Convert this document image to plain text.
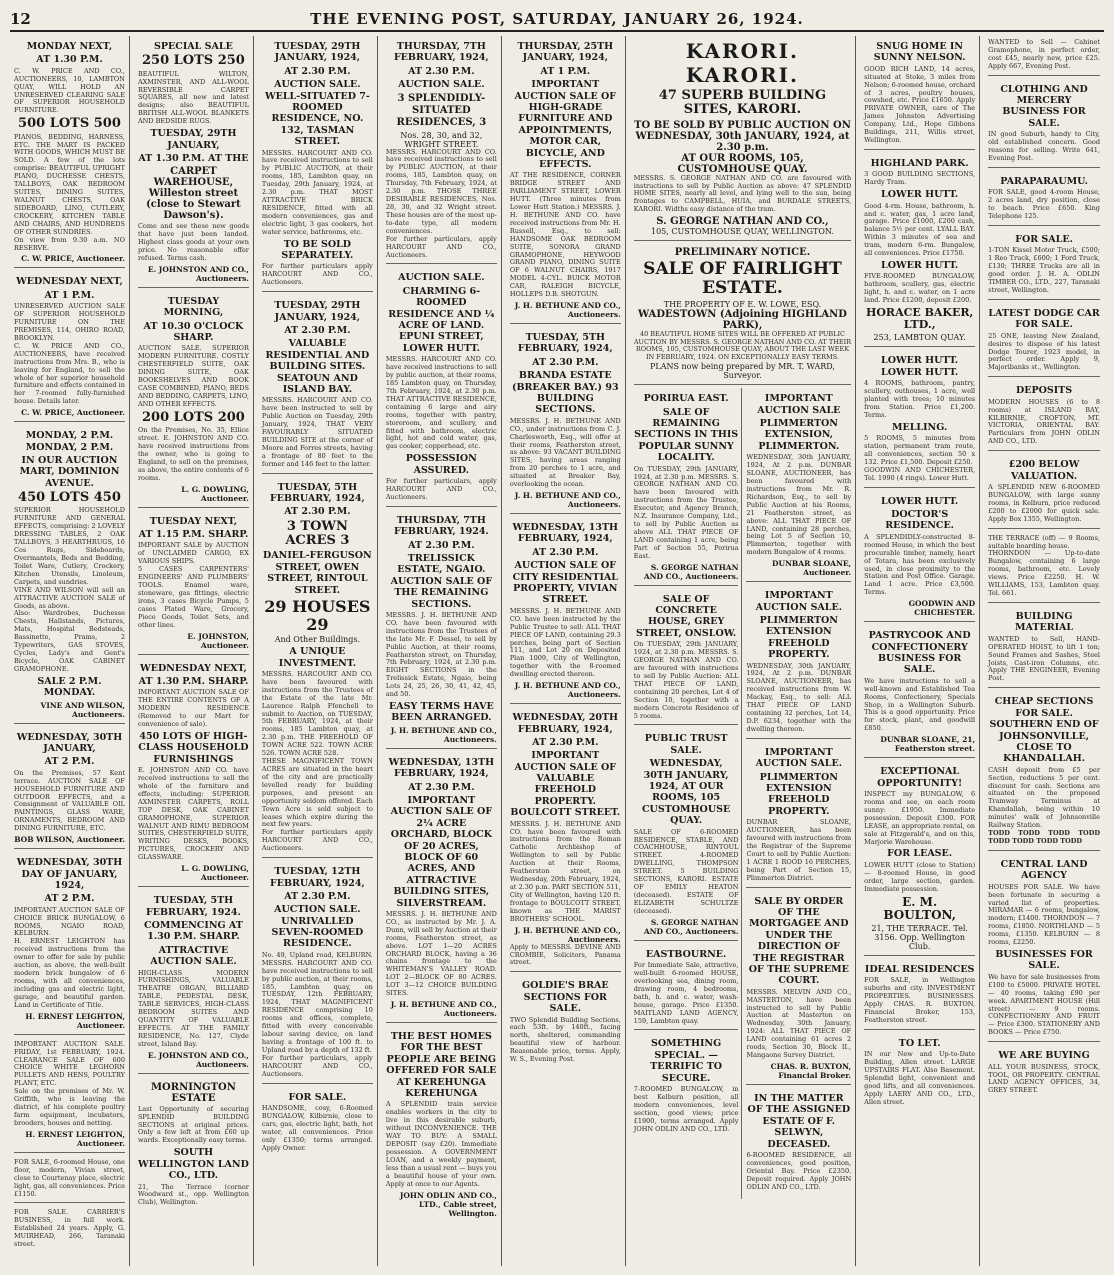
12	THE EVENING POST, SATURDAY, JANUARY 26, 1924.
MONDAY NEXT,
AT 1.30 P.M.
C. W. PRICE AND CO., AUCTIONEERS, 10, LAMBTON QUAY, WILL HOLD AN UNRESERVED CLEARING SALE OF SUPERIOR HOUSEHOLD FURNITURE.
500 LOTS 500
PIANOS, BEDDING, HARNESS, ETC. THE MART IS PACKED WITH GOODS, WHICH MUST BE SOLD. A few of the lots comprise: BEAUTIFUL UPRIGHT PIANO, DUCHESSE CHESTS, TALLBOYS, OAK BEDROOM SUITES, DINING SUITES, WALNUT CHESTS, OAK SIDEBOARD, LINO, CUTLERY, CROCKERY, KITCHEN TABLE AND CHAIRS, AND HUNDREDS OF OTHER SUNDRIES.
On view from 9.30 a.m. NO RESERVE.
C. W. PRICE, Auctioneer.
WEDNESDAY NEXT,
AT 1 P.M.
UNRESERVED AUCTION SALE OF SUPERIOR HOUSEHOLD FURNITURE ON THE PREMISES, 114, OHIRO ROAD, BROOKLYN.
C. W. PRICE AND CO., AUCTIONEERS, have received instructions from Mrs. B., who is leaving for England, to sell the whole of her superior household furniture and effects contained in her 7-roomed fully-furnished house. Details later.
C. W. PRICE, Auctioneer.
MONDAY, 2 P.M. MONDAY, 2 P.M.
IN OUR AUCTION MART, DOMINION AVENUE.
450 LOTS 450
SUPERIOR HOUSEHOLD FURNITURE AND GENERAL EFFECTS, comprising: 2 LOVELY DRESSING TABLES, 2 OAK TALLBOYS, 3 HEARTHRUGS, 16 Cos Rugs, Sideboards, Overmantels, Beds and Bedding, Toilet Ware, Cutlery, Crockery, Kitchen Utensils, Linoleum, Carpets, and sundries.
VINE AND WILSON will sell an ATTRACTIVE AUCTION SALE of Goods, as above.
Also: Wardrobes, Duchesse Chests, Hallstands, Pictures, Mats, Hospital Bedsteads, Bassinette, Prams, 2 Typewriters, GAS STOVES, Cycles, Lady's and Gent's Bicycle, OAK CABINET GRAMOPHONE.
SALE 2 P.M. MONDAY.
VINE AND WILSON, Auctioneers.
WEDNESDAY, 30TH JANUARY,
AT 2 P.M.
On the Premises, 57 Kent terrace. AUCTION SALE OF HOUSEHOLD FURNITURE AND OUTDOOR EFFECTS, and a Consignment of VALUABLE OIL PAINTINGS, GLASS WARE, ORNAMENTS, BEDROOM AND DINING FURNITURE, ETC.
BOB WILSON, Auctioneer.
WEDNESDAY, 30TH DAY OF JANUARY, 1924,
AT 2 P.M.
IMPORTANT AUCTION SALE OF CHOICE BRICK BUNGALOW, 6 ROOMS, NGAIO ROAD, KELBURN.
H. ERNEST LEIGHTON has received instructions from the owner to offer for sale by public auction, as above, the well-built modern brick bungalow of 6 rooms, with all conveniences, including gas and electric light, garage, and beautiful garden. Land in Certificate of Title.
H. ERNEST LEIGHTON, Auctioneer.
IMPORTANT AUCTION SALE. FRIDAY, 1st FEBRUARY, 1924. CLEARANCE SALE OF 600 CHOICE WHITE LEGHORN PULLETS AND HENS, POULTRY PLANT, ETC.
Sale on the premises of Mr. W. Griffith, who is leaving the district, of his complete poultry farm equipment, incubators, brooders, houses and netting.
H. ERNEST LEIGHTON, Auctioneer.
FOR SALE, 6-roomed House, one floor, modern, Vivian street, close to Courtenay place, electric light, gas, all conveniences. Price £1150.
FOR SALE. CARRIER'S BUSINESS, in full work. Established 24 years. Apply, G. MUIRHEAD, 266, Taranaki street.
SPECIAL SALE
250 LOTS 250
BEAUTIFUL WILTON, AXMINSTER, AND ALL-WOOL REVERSIBLE CARPET SQUARES, all new and latest designs; also BEAUTIFUL BRITISH ALL-WOOL BLANKETS AND BEDSIDE RUGS.
TUESDAY, 29TH JANUARY,
AT 1.30 P.M. AT THE
CARPET WAREHOUSE, Willeston street (close to Stewart Dawson's).
Come and see these new goods that have just been landed. Highest class goods at your own price. No reasonable offer refused. Terms cash.
E. JOHNSTON AND CO., Auctioneers.
TUESDAY MORNING,
AT 10.30 O'CLOCK SHARP.
AUCTION SALE. SUPERIOR MODERN FURNITURE. COSTLY CHESTERFIELD SUITE, OAK DINING SUITE, OAK BOOKSHELVES AND BOOK CASE COMBINED, PIANO, BEDS AND BEDDING, CARPETS, LINO, AND OTHER EFFECTS.
200 LOTS 200
On the Premises, No. 35, Ellice street. E. JOHNSTON AND CO. have received instructions from the owner, who is going to England, to sell on the premises, as above, the entire contents of 6 rooms.
L. G. DOWLING, Auctioneer.
TUESDAY NEXT,
AT 1.15 P.M. SHARP.
IMPORTANT SALE by AUCTION of UNCLAIMED CARGO, EX VARIOUS SHIPS.
5 CASES CARPENTERS' ENGINEERS' AND PLUMBERS' TOOLS. Enamel ware, stoneware, gas fittings, electric irons, 3 cases Bicycle Pumps, 5 cases Plated Ware, Grocery, Piece Goods, Toilet Sets, and other lines.
E. JOHNSTON, Auctioneer.
WEDNESDAY NEXT,
AT 1.30 P.M. SHARP.
IMPORTANT AUCTION SALE OF THE ENTIRE CONTENTS OF A MODERN RESIDENCE (Removed to our Mart for convenience of sale).
450 LOTS OF HIGH-CLASS HOUSEHOLD FURNISHINGS
E. JOHNSTON AND CO. have received instructions to sell the whole of the furniture and effects, including: SUPERIOR AXMINSTER CARPETS, ROLL TOP DESK, OAK CABINET GRAMOPHONE, SUPERIOR WALNUT AND RIMU BEDROOM SUITES, CHESTERFIELD SUITE, WRITING DESKS, BOOKS, PICTURES, CROCKERY AND GLASSWARE.
L. G. DOWLING, Auctioneer.
TUESDAY, 5TH FEBRUARY, 1924.
COMMENCING AT 1.30 P.M. SHARP.
ATTRACTIVE AUCTION SALE.
HIGH-CLASS MODERN FURNISHINGS, VALUABLE THEATRE ORGAN, BILLIARD TABLE, PEDESTAL DESK, TABLE SERVICES, HIGH-CLASS BEDROOM SUITES AND QUANTITY OF VALUABLE EFFECTS. AT THE FAMILY RESIDENCE, No. 127, Clyde street, Island Bay.
E. JOHNSTON AND CO., Auctioneers.
MORNINGTON ESTATE
Last Opportunity of securing SPLENDID BUILDING SECTIONS at original prices. Only a few left at from £60 up wards. Exceptionally easy terms.
SOUTH WELLINGTON LAND CO., LTD.
21, The Terrace (corner Woodward st., opp. Wellington Club), Wellington.
TUESDAY, 29TH JANUARY, 1924,
AT 2.30 P.M.
AUCTION SALE. WELL-SITUATED 7-ROOMED RESIDENCE, NO. 132, TASMAN STREET.
MESSRS. HARCOURT AND CO. have received instructions to sell by PUBLIC AUCTION, at their rooms, 185, Lambton quay, on Tuesday, 29th January, 1924, at 2.30 p.m. THAT MOST ATTRACTIVE BRICK RESIDENCE, fitted with all modern conveniences, gas and electric light, 3 gas cookers, hot water service, bathrooms, etc.
TO BE SOLD SEPARATELY.
For further particulars apply HARCOURT AND CO., Auctioneers.
TUESDAY, 29TH JANUARY, 1924,
AT 2.30 P.M.
VALUABLE RESIDENTIAL AND BUILDING SITES. SEATOUN AND ISLAND BAY.
MESSRS. HARCOURT AND CO. have been instructed to sell by Public Auction on Tuesday, 29th January, 1924, THAT VERY FAVOURABLY SITUATED BUILDING SITE at the corner of Moore and Forres streets, having a frontage of 80 feet to the former and 146 feet to the latter.
TUESDAY, 5TH FEBRUARY, 1924,
AT 2.30 P.M.
3 TOWN ACRES 3
DANIEL-FERGUSON STREET, OWEN STREET, RINTOUL STREET.
29 HOUSES 29
And Other Buildings.
A UNIQUE INVESTMENT.
MESSRS. HARCOURT AND CO. have been favoured with instructions from the Trustees of the Estate of the late Mr. Laurence Ralph Ffenchell to submit to Auction, on TUESDAY, 5th FEBRUARY, 1924, at their rooms, 185 Lambton quay, at 2.30 p.m. THE FREEHOLD OF TOWN ACRE 522. TOWN ACRE 526. TOWN ACRE 528.
THESE MAGNIFICENT TOWN ACRES are situated in the heart of the city and are practically levelled ready for building purposes, and present an opportunity seldom offered. Each Town Acre is sold subject to leases which expire during the next few years.
For further particulars apply HARCOURT AND CO., Auctioneers.
TUESDAY, 12TH FEBRUARY, 1924,
AT 2.30 P.M.
AUCTION SALE. UNRIVALLED SEVEN-ROOMED RESIDENCE.
No. 49, Upland road, KELBURN. MESSRS. HARCOURT AND CO. have received instructions to sell by public auction, at their rooms, 185, Lambton quay, on TUESDAY, 12th FEBRUARY, 1924, THAT MAGNIFICENT RESIDENCE comprising 10 rooms and offices, complete, fitted with every conceivable labour saving device, on land having a frontage of 100 ft. to Upland road by a depth of 132 ft.
For further particulars, apply HARCOURT AND CO., Auctioneers.
FOR SALE.
HANDSOME, cosy, 6-Roomed BUNGALOW, Kilbirnie, close to cars, gas, electric light, bath, hot water, all conveniences. Price only £1350; terms arranged. Apply Owner.
THURSDAY, 7TH FEBRUARY, 1924,
AT 2.30 P.M.
AUCTION SALE.
3 SPLENDIDLY-SITUATED RESIDENCES, 3
Nos. 28, 30, and 32, WRIGHT STREET.
MESSRS. HARCOURT AND CO. have received instructions to sell by PUBLIC AUCTION, at their rooms, 185, Lambton quay, on Thursday, 7th February, 1924, at 2.30 p.m. THOSE THREE DESIRABLE RESIDENCES, Nos. 28, 30, and 32 Wright street. These houses are of the most up-to-date type, all modern conveniences.
For further particulars, apply HARCOURT AND CO., Auctioneers.
AUCTION SALE.
CHARMING 6-ROOMED RESIDENCE AND ¼ ACRE OF LAND. EPUNI STREET, LOWER HUTT.
MESSRS. HARCOURT AND CO. have received instructions to sell by public auction, at their rooms, 185 Lambton quay, on Thursday, 7th February, 1924, at 2.30 p.m. THAT ATTRACTIVE RESIDENCE, containing 6 large and airy rooms, together with pantry, storeroom, and scullery, and fitted with bathroom, electric light, hot and cold water, gas, gas cooker, copperhead, etc.
POSSESSION ASSURED.
For further particulars, apply HARCOURT AND CO., Auctioneers.
THURSDAY, 7TH FEBRUARY, 1924.
AT 2.30 P.M.
TRELISSICK ESTATE, NGAIO. AUCTION SALE OF THE REMAINING SECTIONS.
MESSRS. J. H. BETHUNE AND CO. have been favoured with instructions from the Trustees of the late Mr. F. Dessel, to sell by Public Auction, at their rooms, Featherston street, on Thursday, 7th February, 1924, at 2.30 p.m. EIGHT SECTIONS in the Trelissick Estate, Ngaio, being Lots 24, 25, 26, 30, 41, 42, 45, and 50.
EASY TERMS HAVE BEEN ARRANGED.
J. H. BETHUNE AND CO., Auctioneers.
WEDNESDAY, 13TH FEBRUARY, 1924,
AT 2.30 P.M.
IMPORTANT AUCTION SALE OF 2¼ ACRE ORCHARD, BLOCK OF 20 ACRES, BLOCK OF 60 ACRES, AND ATTRACTIVE BUILDING SITES, SILVERSTREAM.
MESSRS. J. H. BETHUNE AND CO., as instructed by Mr. J. A. Dunn, will sell by Auction at their rooms, Featherston street, as above. LOT 1—20 ACRES ORCHARD BLOCK, having a 36 chains frontage to the WHITEMAN'S VALLEY ROAD. LOT 2—BLOCK OF 80 ACRES. LOT 3—12 CHOICE BUILDING SITES.
J. H. BETHUNE AND CO., Auctioneers.
THE BEST HOMES FOR THE BEST PEOPLE ARE BEING OFFERED FOR SALE AT KEREHUNGA KEREHUNGA
A SPLENDID train service enables workers in the city to live in this desirable suburb, without INCONVENIENCE. THE WAY TO BUY: A SMALL DEPOSIT (say £20). Immediate possession. A GOVERNMENT LOAN, and a weekly payment, less than a usual rent — buys you a beautiful house of your own. Apply at once to our Agents.
JOHN ODLIN AND CO., LTD., Cable street, Wellington.
THURSDAY, 25TH JANUARY, 1924,
AT 1 P.M.
IMPORTANT AUCTION SALE OF HIGH-GRADE FURNITURE AND APPOINTMENTS, MOTOR CAR, BICYCLE, AND EFFECTS.
AT THE RESIDENCE, CORNER BRIDGE STREET AND PARLIAMENT STREET, LOWER HUTT. (Three minutes from Lower Hutt Station.) MESSRS. J. H. BETHUNE AND CO. have received instructions from Mr. H. Russell, Esq., to sell: HANDSOME OAK BEDROOM SUITE, SONORA GRAND GRAMOPHONE, HEYWOOD GRAND PIANO, DINING SUITE OF 6 WALNUT CHAIRS, 1917 MODEL 4-CYL. BUICK MOTOR CAR, RALEIGH BICYCLE, HOLLEPS D.B. SHOTGUN.
J. H. BETHUNE AND CO., Auctioneers.
TUESDAY, 5TH FEBRUARY, 1924,
AT 2.30 P.M.
BRANDA ESTATE (BREAKER BAY.) 93 BUILDING SECTIONS.
MESSRS. J. H. BETHUNE AND CO., under instructions from C. J. Charlesworth, Esq., will offer at their rooms, Featherston street, as above: 93 VACANT BUILDING SITES, having areas ranging from 20 perches to 1 acre, and situated at Breaker Bay, overlooking the ocean.
J. H. BETHUNE AND CO., Auctioneers.
WEDNESDAY, 13TH FEBRUARY, 1924,
AT 2.30 P.M.
AUCTION SALE OF CITY RESIDENTIAL PROPERTY, VIVIAN STREET.
MESSRS. J. H. BETHUNE AND CO. have been instructed by the Public Trustee to sell: ALL THAT PIECE OF LAND, containing 29.3 perches, being part of Section 111, and Lot 20 on Deposited Plan 1009, City of Wellington, together with the 8-roomed dwelling erected thereon.
J. H. BETHUNE AND CO., Auctioneers.
WEDNESDAY, 20TH FEBRUARY, 1924,
AT 2.30 P.M.
IMPORTANT AUCTION SALE OF VALUABLE FREEHOLD PROPERTY. BOULCOTT STREET.
MESSRS. J. H. BETHUNE AND CO. have been favoured with instructions from the Roman Catholic Archbishop of Wellington to sell by Public Auction at their Rooms, Featherston street, on Wednesday, 20th February, 1924, at 2.30 p.m. PART SECTION 511, City of Wellington, having 120 ft. frontage to BOULCOTT STREET, known as THE MARIST BROTHERS' SCHOOL.
J. H. BETHUNE AND CO., Auctioneers.
Apply to MESSRS. DEVINE AND CROMBIE, Solicitors, Panama street.
GOLDIE'S BRAE SECTIONS FOR SALE.
TWO Splendid Building Sections, each 53ft. by 140ft., facing north, sheltered, commanding beautiful view of harbour. Reasonable price, terms. Apply, W. S., Evening Post.
KARORI. KARORI.
47 SUPERB BUILDING SITES, KARORI.
TO BE SOLD BY PUBLIC AUCTION ON WEDNESDAY, 30th JANUARY, 1924, at 2.30 p.m.
AT OUR ROOMS, 105, CUSTOMHOUSE QUAY.
MESSRS. S. GEORGE NATHAN AND CO. are favoured with instructions to sell by Public Auction as above: 47 SPLENDID HOME SITES, nearly all level, and lying well to the sun, being frontages to CAMPBELL, HUIA, and BURDALE STREETS, KARORI. Widths easy distance of the tram.
S. GEORGE NATHAN AND CO.,
105, CUSTOMHOUSE QUAY, WELLINGTON.
PRELIMINARY NOTICE.
SALE OF FAIRLIGHT ESTATE.
THE PROPERTY OF E. W. LOWE, ESQ.
WADESTOWN (Adjoining HIGHLAND PARK),
40 BEAUTIFUL HOME SITES WILL BE OFFERED AT PUBLIC AUCTION BY MESSRS. S. GEORGE NATHAN AND CO. AT THEIR ROOMS, 105, CUSTOMHOUSE QUAY, ABOUT THE LAST WEEK IN FEBRUARY, 1924. ON EXCEPTIONALLY EASY TERMS.
PLANS now being prepared by MR. T. WARD, Surveyor.
PORIRUA EAST.
SALE OF REMAINING SECTIONS IN THIS POPULAR SUNNY LOCALITY.
On TUESDAY, 29th JANUARY, 1924, at 2.30 p.m. MESSRS. S. GEORGE NATHAN AND CO. have been favoured with instructions from the Trustee, Executor, and Agency Branch, N.Z. Insurance Company, Ltd., to sell by Public Auction as above ALL THAT PIECE OF LAND containing 1 acre, being Part of Section 55, Porirua East.
S. GEORGE NATHAN AND CO., Auctioneers.
SALE OF CONCRETE HOUSE, GREY STREET, ONSLOW.
On TUESDAY, 29th JANUARY, 1924, at 2.30 p.m. MESSRS. S. GEORGE NATHAN AND CO. are favoured with instructions to sell by Public Auction: ALL THAT PIECE OF LAND, containing 20 perches, Lot 4 of Section 10, together with a modern Concrete Residence of 5 rooms.
PUBLIC TRUST SALE.
WEDNESDAY, 30TH JANUARY, 1924, AT OUR ROOMS, 105 CUSTOMHOUSE QUAY.
SALE OF 6-ROOMED RESIDENCE, STABLE, AND COACHHOUSE, RINTOUL STREET. 4-ROOMED DWELLING, THOMPSON STREET. 5 BUILDING SECTIONS, KARORI. ESTATE OF EMILY HEATON (deceased). ESTATE OF ELIZABETH SCHULTZE (deceased).
S. GEORGE NATHAN AND CO., Auctioneers.
EASTBOURNE.
For Immediate Sale, attractive, well-built 6-roomed HOUSE, overlooking sea, dining room, drawing room, 4 bedrooms, bath, h. and c. water, wash-house, garage. Price £1350. MAITLAND LAND AGENCY, 159, Lambton quay.
SOMETHING SPECIAL. — TERRIFIC TO SECURE.
7-ROOMED BUNGALOW, in best Kelburn position, all modern conveniences, level section, good views; price £1900, terms arranged. Apply JOHN ODLIN AND CO., LTD.
IMPORTANT AUCTION SALE
PLIMMERTON EXTENSION, PLIMMERTON.
WEDNESDAY, 30th JANUARY, 1924, At 2 p.m. DUNBAR SLOANE, AUCTIONEER, has been favoured with instructions from Mr. R. Richardson, Esq., to sell by Public Auction at his Rooms, 21 Featherston street, as above: ALL THAT PIECE OF LAND, containing 28 perches, being Lot 5 of Section 10, Plimmerton, together with modern Bungalow of 4 rooms.
DUNBAR SLOANE, Auctioneer.
IMPORTANT AUCTION SALE.
PLIMMERTON EXTENSION FREEHOLD PROPERTY.
WEDNESDAY, 30th JANUARY, 1924, At 2 p.m. DUNBAR SLOANE, AUCTIONEER, has received instructions from W. Mackay, Esq., to sell: ALL THAT PIECE OF LAND containing 32 perches, Lot 14, D.P. 6234, together with the dwelling thereon.
IMPORTANT AUCTION SALE.
PLIMMERTON EXTENSION FREEHOLD PROPERTY.
DUNBAR SLOANE, AUCTIONEER, has been favoured with instructions from the Registrar of the Supreme Court to sell by Public Auction: 1 ACRE 1 ROOD 16 PERCHES, being Part of Section 15, Plimmerton District.
SALE BY ORDER OF THE MORTGAGEE AND UNDER THE DIRECTION OF THE REGISTRAR OF THE SUPREME COURT.
MESSRS. MELVIN AND CO., MASTERTON, have been instructed to sell by Public Auction at Masterton on Wednesday, 30th January, 1924: ALL THAT PIECE OF LAND containing 61 acres 2 roods, Section 30, Block II., Mangaone Survey District.
CHAS. R. BUXTON, Financial Broker.
IN THE MATTER OF THE ASSIGNED ESTATE OF F. SELWYN, DECEASED.
6-ROOMED RESIDENCE, all conveniences, good position, Oriental Bay. Price £2350. Deposit required. Apply JOHN ODLIN AND CO., LTD.
SNUG HOME IN SUNNY NELSON.
GOOD RICH LAND, 14 acres, situated at Stoke, 3 miles from Nelson; 6-roomed house, orchard of 3 acres, poultry houses, cowshed, etc. Price £1650. Apply PRIVATE OWNER, care of The James Johnston Advertising Company, Ltd., Hope Gibbons Buildings, 211, Willis street, Wellington.
HIGHLAND PARK.
3 GOOD BUILDING SECTIONS, Hardy Tram.
LOWER HUTT.
Good 4-rm. House, bathroom, h. and c. water, gas, 1 acre land, garage. Price £1000, £200 cash, balance 5½ per cent. LYALL BAY. Within 3 minutes of sea and tram, modern 6-rm. Bungalow, all conveniences. Price £1750.
LOWER HUTT.
FIVE-ROOMED BUNGALOW, bathroom, scullery, gas, electric light, h. and c. water, on 1 acre land. Price £1200, deposit £200.
HORACE BAKER, LTD.,
253, LAMBTON QUAY.
LOWER HUTT. LOWER HUTT.
4 ROOMS, bathroom, pantry, scullery, outhouses, 1 acre, well planted with trees; 10 minutes from Station. Price £1,200. Terms.
MELLING.
5 ROOMS, 5 minutes from station, permanent tram route, all conveniences, section 50 x 132. Price £1,500. Deposit £250.
GOODWIN AND CHICHESTER, Tel. 1990 (4 rings). Lower Hutt.
LOWER HUTT.
DOCTOR'S RESIDENCE.
A SPLENDIDLY-constructed 8-roomed House, in which the best procurable timber, namely, heart of Totara, has been exclusively used, in close proximity to the Station and Post Office. Garage. Land 1 acre. Price £3,500. Terms.
GOODWIN AND CHICHESTER.
PASTRYCOOK AND CONFECTIONERY BUSINESS FOR SALE.
We have instructions to sell a well-known and Established Tea Rooms, Confectionery, Specials Shop, in a Wellington Suburb. This is a good opportunity. Price for stock, plant, and goodwill £850.
DUNBAR SLOANE, 21, Featherston street.
EXCEPTIONAL OPPORTUNITY!
INSPECT my BUNGALOW, 6 rooms and see, on each room sunny: £1950. Immediate possession. Deposit £300. FOR LEASE, an appropriate rental, on sale at Fitzgerald's, and on this, Marjorie Warehouse.
FOR LEASE.
LOWER HUTT (close to Station) — 8-roomed House, in good order, large section, garden. Immediate possession.
E. M. BOULTON,
21, THE TERRACE. Tel. 3156. Opp. Wellington Club.
IDEAL RESIDENCES
FOR SALE, in Wellington suburbs and city. INVESTMENT PROPERTIES. BUSINESSES. Apply CHAS. R. BUXTON, Financial Broker, 153, Featherston street.
TO LET.
IN our New and Up-to-Date Building, Allen street. LARGE UPSTAIRS FLAT. Also Basement. Splendid light, convenient and good lifts, and all conveniences. Apply LAERY AND CO., LTD., Allen street.
WANTED to Sell — Cabinet Gramophone, in perfect order, cost £45, nearly new, price £25. Apply 667, Evening Post.
CLOTHING AND MERCERY BUSINESS FOR SALE.
IN good Suburb, handy to City, old established concern. Good reasons for selling. Write 641, Evening Post.
PARAPARAUMU.
FOR SALE, good 4-room House, 2 acres land, dry position, close to beach. Price £650. King Telephone 125.
FOR SALE.
1-TON Kissel Motor Truck, £500; 1 Reo Truck, £600; 1 Ford Truck, £130; THREE Trucks are all in good order. J. H. A. ODLIN TIMBER CO., LTD., 227, Taranaki street, Wellington.
LATEST DODGE CAR FOR SALE.
25 ONE, leaving New Zealand, desires to dispose of his latest Dodge Tourer, 1923 model, in perfect order. Apply 9, Majoribanks st., Wellington.
DEPOSITS
MODERN HOUSES (6 to 8 rooms) at ISLAND BAY, KILBIRNIE, CROFTON, MT. VICTORIA, ORIENTAL BAY. Particulars from JOHN ODLIN AND CO., LTD.
£200 BELOW VALUATION.
A SPLENDID NEW 6-ROOMED BUNGALOW, with large sunny rooms, in Kelburn, price reduced £200 to £2000 for quick sale. Apply Box 1355, Wellington.
THE TERRACE (off) — 9 Rooms, suitable boarding house.
THORNDON — Up-to-date Bungalow, containing 6 large rooms, bathroom, etc. Lovely views. Price £2250. H. W. WILLIAMS, 153, Lambton quay. Tel. 661.
BUILDING MATERIAL
WANTED to Sell, HAND-OPERATED HOIST, to lift 1 ton; Sound Frames and Sashes, Steel Joists, Cast-iron Columns, etc. Apply THE ENGINEER, Evening Post.
CHEAP SECTIONS FOR SALE. SOUTHERN END OF JOHNSONVILLE, CLOSE TO KHANDALLAH.
CASH deposit from £5 per Section, reductions 5 per cent. discount for cash. Sections are situated on the proposed Tramway Terminus at Khandallah, being within 10 minutes' walk of Johnsonville Railway Station.
TODD TODD TODD TODD TODD TODD TODD TODD
CENTRAL LAND AGENCY
HOUSES FOR SALE. We have been fortunate in securing a varied list of properties. MIRAMAR — 6 rooms, bungalow, modern; £1400. THORNDON — 7 rooms, £1850. NORTHLAND — 5 rooms, £1350. KELBURN — 8 rooms, £2250.
BUSINESSES FOR SALE.
We have for sale businesses from £100 to £5000. PRIVATE HOTEL — 40 rooms, taking £90 per week. APARTMENT HOUSE (Hill street) — 9 rooms. CONFECTIONERY AND FRUIT — Price £300. STATIONERY AND BOOKS — Price £750.
WE ARE BUYING
ALL YOUR BUSINESS, STOCK, TOOL, OR PROPERTY. CENTRAL LAND AGENCY OFFICES, 34, GREY STREET.
